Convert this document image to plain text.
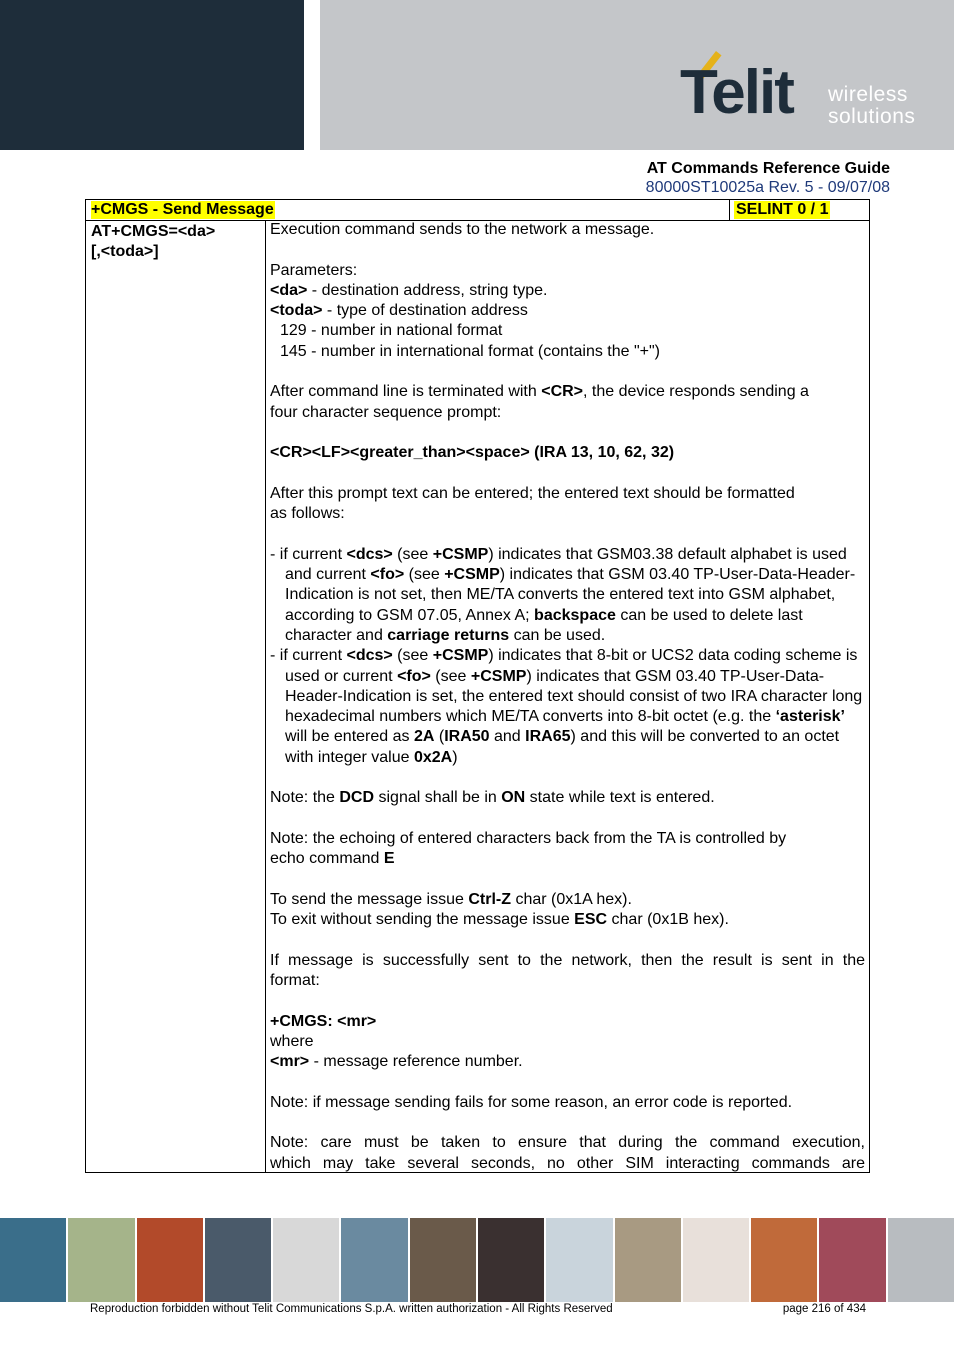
Telit wireless
solutions
AT Commands Reference Guide
80000ST10025a Rev. 5 - 09/07/08
+CMGS - Send Message	SELINT 0 / 1
AT+CMGS=<da>
[,<toda>]

Execution command sends to the network a message.

Parameters:

<da> - destination address, string type.

<toda> - type of destination address

129 - number in national format

145 - number in international format (contains the "+")

After command line is terminated with <CR>, the device responds sending a
four character sequence prompt:

<CR><LF><greater_than><space> (IRA 13, 10, 62, 32)

After this prompt text can be entered; the entered text should be formatted
as follows:

- if current <dcs> (see +CSMP) indicates that GSM03.38 default alphabet is used and current <fo> (see +CSMP) indicates that GSM 03.40 TP-User-Data-Header-Indication is not set, then ME/TA converts the entered text into GSM alphabet, according to GSM 07.05, Annex A; backspace can be used to delete last character and carriage returns can be used.

- if current <dcs> (see +CSMP) indicates that 8-bit or UCS2 data coding scheme is used or current <fo> (see +CSMP) indicates that GSM 03.40 TP-User-Data-Header-Indication is set, the entered text should consist of two IRA character long hexadecimal numbers which ME/TA converts into 8-bit octet (e.g. the ‘asterisk’ will be entered as 2A (IRA50 and IRA65) and this will be converted to an octet with integer value 0x2A)

Note: the DCD signal shall be in ON state while text is entered.

Note: the echoing of entered characters back from the TA is controlled by
echo command E

To send the message issue Ctrl-Z char (0x1A hex).

To exit without sending the message issue ESC char (0x1B hex).

If message is successfully sent to the network, then the result is sent in the
format:

+CMGS: <mr>

where

<mr> - message reference number.

Note: if message sending fails for some reason, an error code is reported.

Note: care must be taken to ensure that during the command execution,
which may take several seconds, no other SIM interacting commands are

Reproduction forbidden without Telit Communications S.p.A. written authorization - All Rights Reserved	page 216 of 434
